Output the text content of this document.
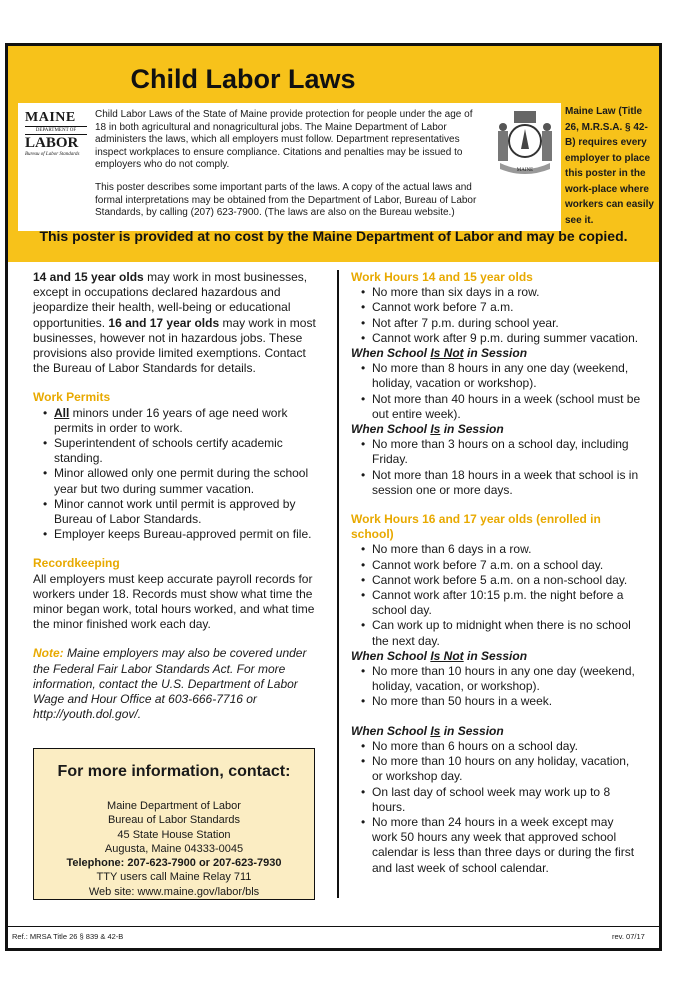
Child Labor Laws
MAINE
DEPARTMENT OF
LABOR
Bureau of Labor Standards
Child Labor Laws of the State of Maine provide protection for people under the age of 18 in both agricultural and nonagricultural jobs. The Maine Department of Labor administers the laws, which all employers must follow. Department representatives inspect workplaces to ensure compliance. Citations and penalties may be issued to employers who do not comply.
This poster describes some important parts of the laws. A copy of the actual laws and formal interpretations may be obtained from the Department of Labor, Bureau of Labor Standards, by calling (207) 623-7900. (The laws are also on the Bureau website.)
MAINE
Maine Law (Title 26, M.R.S.A. § 42-B) requires every employer to place this poster in the work-place where workers can easily see it.
This poster is provided at no cost by the Maine Department of Labor and may be copied.

14 and 15 year olds may work in most businesses, except in occupations declared hazardous and jeopardize their health, well-being or educational opportunities. 16 and 17 year olds may work in most businesses, however not in hazardous jobs. These provisions also provide limited exemptions. Contact the Bureau of Labor Standards for details.

Work Permits

• All minors under 16 years of age need work permits in order to work.
• Superintendent of schools certify academic standing.
• Minor allowed only one permit during the school year but two during summer vacation.
• Minor cannot work until permit is approved by Bureau of Labor Standards.
• Employer keeps Bureau-approved permit on file.

Recordkeeping

All employers must keep accurate payroll records for workers under 18. Records must show what time the minor began work, total hours worked, and what time the minor finished work each day.

Note: Maine employers may also be covered under the Federal Fair Labor Standards Act. For more information, contact the U.S. Department of Labor Wage and Hour Office at 603-666-7716 or http://youth.dol.gov/.

For more information, contact:
Maine Department of Labor
Bureau of Labor Standards
45 State House Station
Augusta, Maine 04333-0045
Telephone: 207-623-7900 or 207-623-7930
TTY users call Maine Relay 711
Web site: www.maine.gov/labor/bls

Work Hours 14 and 15 year olds

• No more than six days in a row.
• Cannot work before 7 a.m.
• Not after 7 p.m. during school year.
• Cannot work after 9 p.m. during summer vacation.

When School Is Not in Session

• No more than 8 hours in any one day (weekend, holiday, vacation or workshop).
• Not more than 40 hours in a week (school must be out entire week).

When School Is in Session

• No more than 3 hours on a school day, including Friday.
• Not more than 18 hours in a week that school is in session one or more days.

Work Hours 16 and 17 year olds (enrolled in school)

• No more than 6 days in a row.
• Cannot work before 7 a.m. on a school day.
• Cannot work before 5 a.m. on a non-school day.
• Cannot work after 10:15 p.m. the night before a school day.
• Can work up to midnight when there is no school the next day.

When School Is Not in Session

• No more than 10 hours in any one day (weekend, holiday, vacation, or workshop).
• No more than 50 hours in a week.

When School Is in Session

• No more than 6 hours on a school day.
• No more than 10 hours on any holiday, vacation, or workshop day.
• On last day of school week may work up to 8 hours.
• No more than 24 hours in a week except may work 50 hours any week that approved school calendar is less than three days or during the first and last week of school calendar.
Ref.: MRSA Title 26 § 839 & 42-B	rev. 07/17
